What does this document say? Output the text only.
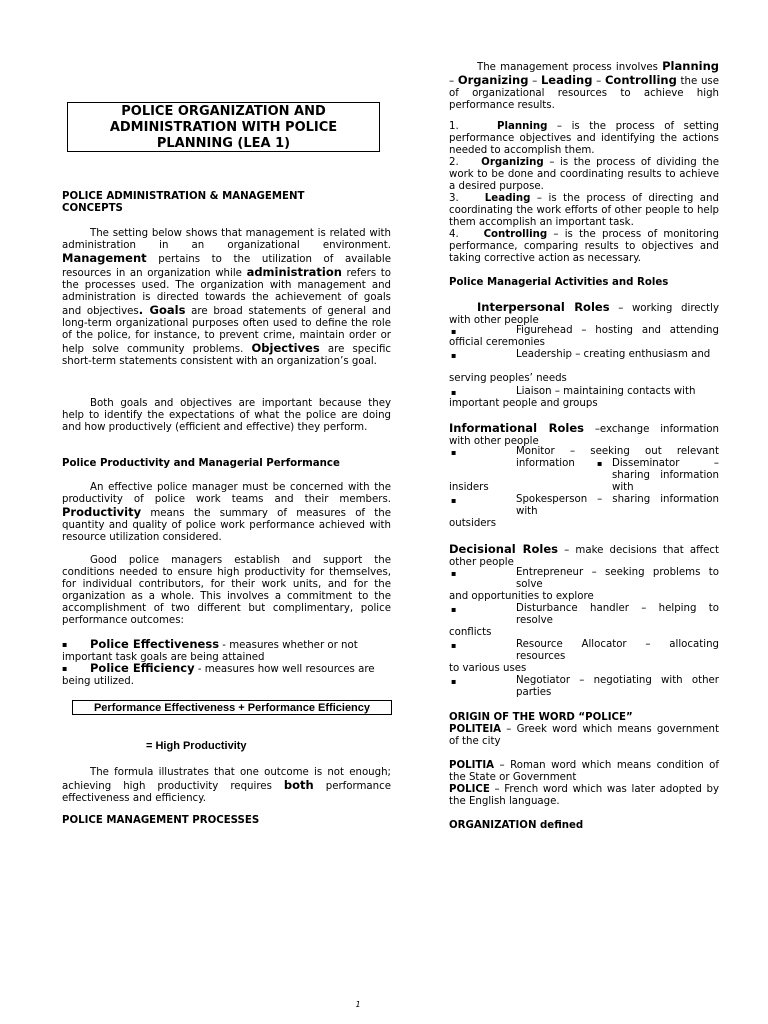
POLICE ORGANIZATION AND
ADMINISTRATION WITH POLICE
PLANNING (LEA 1)

POLICE ADMINISTRATION & MANAGEMENT CONCEPTS

The setting below shows that management is related with administration in an organizational environment. Management pertains to the utilization of available resources in an organization while administration refers to the processes used. The organization with management and administration is directed towards the achievement of goals and objectives. Goals are broad statements of general and long-term organizational purposes often used to define the role of the police, for instance, to prevent crime, maintain order or help solve community problems. Objectives are specific short-term statements consistent with an organization’s goal.

Both goals and objectives are important because they help to identify the expectations of what the police are doing and how productively (efficient and effective) they perform.

Police Productivity and Managerial Performance

An effective police manager must be concerned with the productivity of police work teams and their members. Productivity means the summary of measures of the quantity and quality of police work performance achieved with resource utilization considered.

Good police managers establish and support the conditions needed to ensure high productivity for themselves, for individual contributors, for their work units, and for the organization as a whole. This involves a commitment to the accomplishment of two different but complimentary, police performance outcomes:

▪	Police Effectiveness - measures whether or not important task goals are being attained

▪	Police Efficiency - measures how well resources are being utilized.

Performance Effectiveness + Performance Efficiency
= High Productivity

The formula illustrates that one outcome is not enough; achieving high productivity requires both performance effectiveness and efficiency.

POLICE MANAGEMENT PROCESSES

The management process involves Planning – Organizing – Leading – Controlling the use of organizational resources to achieve high performance results.

1.	Planning – is the process of setting performance objectives and identifying the actions needed to accomplish them.

2. Organizing – is the process of dividing the work to be done and coordinating results to achieve a desired purpose.

3.	Leading – is the process of directing and coordinating the work efforts of other people to help them accomplish an important task.

4. Controlling – is the process of monitoring performance, comparing results to objectives and taking corrective action as necessary.

Police Managerial Activities and Roles

Interpersonal Roles – working directly with other people

▪	Figurehead – hosting and attending
official ceremonies
▪	Leadership – creating enthusiasm and
serving peoples’ needs
▪	Liaison – maintaining contacts with
important people and groups

Informational Roles –exchange information with other people

▪	Monitor – seeking out relevant information	▪ Disseminator – sharing information with
insiders
▪	Spokesperson – sharing information with
outsiders

Decisional Roles – make decisions that affect other people

▪	Entrepreneur – seeking problems to solve
and opportunities to explore
▪	Disturbance handler – helping to resolve
conflicts
▪	Resource Allocator – allocating resources
to various uses
▪	Negotiator – negotiating with other parties

ORIGIN OF THE WORD “POLICE”

POLITEIA – Greek word which means government of the city

POLITIA – Roman word which means condition of the State or Government

POLICE – French word which was later adopted by the English language.

ORGANIZATION defined

1
